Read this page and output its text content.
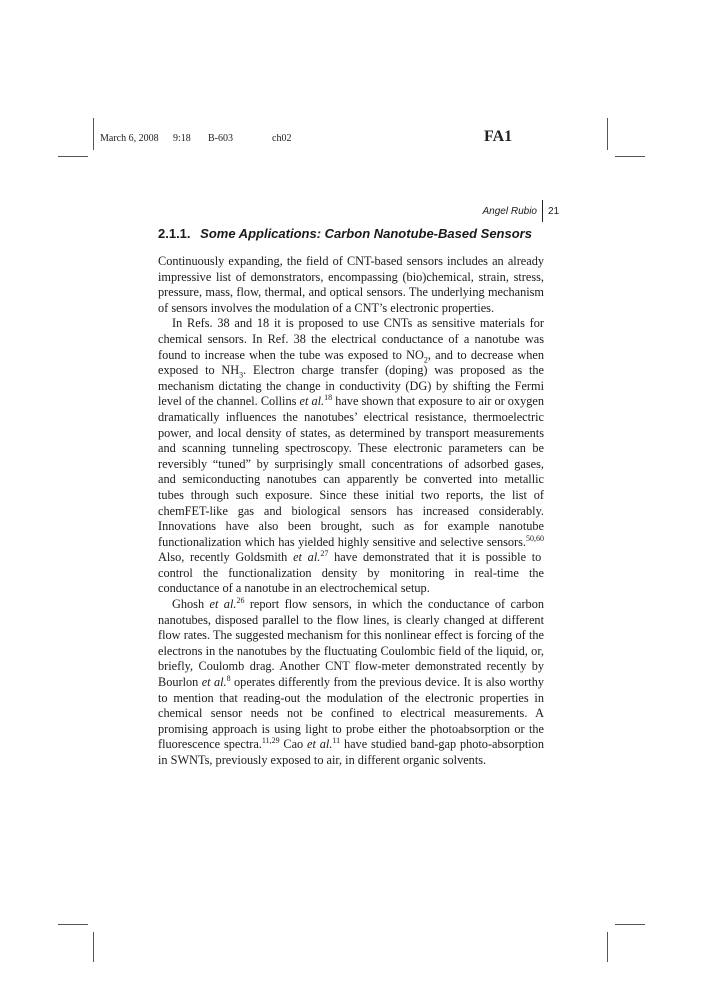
March 6, 2008 9:18 B-603	ch02	FA1
Angel Rubio 21
2.1.1. Some Applications: Carbon Nanotube-Based Sensors

Continuously expanding, the field of CNT-based sensors includes an already impressive list of demonstrators, encompassing (bio)chemical, strain, stress, pressure, mass, flow, thermal, and optical sensors. The underlying mechanism of sensors involves the modulation of a CNT’s electronic properties.

In Refs. 38 and 18 it is proposed to use CNTs as sensitive materials for chemical sensors. In Ref. 38 the electrical conductance of a nanotube was found to increase when the tube was exposed to $NO_2$, and to decrease when exposed to $NH_3$. Electron charge transfer (doping) was proposed as the mechanism dictating the change in conductivity (DG) by shifting the Fermi level of the channel. Collins et al.$^{18}$ have shown that exposure to air or oxygen dramatically influences the nanotubes’ electrical resistance, thermoelectric power, and local density of states, as determined by transport measurements and scanning tunneling spectroscopy. These electronic parameters can be reversibly “tuned” by surprisingly small concentrations of adsorbed gases, and semiconducting nanotubes can apparently be converted into metallic tubes through such exposure. Since these initial two reports, the list of chemFET-like gas and biological sensors has increased considerably. Innovations have also been brought, such as for example nanotube functionalization which has yielded highly sensitive and selective sensors.$^{50,60}$ Also, recently Goldsmith et al.$^{27}$ have demonstrated that it is possible to control the functionalization density by monitoring in real-time the conductance of a nanotube in an electrochemical setup.

Ghosh et al.$^{26}$ report flow sensors, in which the conductance of carbon nanotubes, disposed parallel to the flow lines, is clearly changed at different flow rates. The suggested mechanism for this nonlinear effect is forcing of the electrons in the nanotubes by the fluctuating Coulombic field of the liquid, or, briefly, Coulomb drag. Another CNT flow-meter demonstrated recently by Bourlon et al.$^8$ operates differently from the previous device. It is also worthy to mention that reading-out the modulation of the electronic properties in chemical sensor needs not be confined to electrical measurements. A promising approach is using light to probe either the photoabsorption or the fluorescence spectra.$^{11,29}$ Cao et al.$^{11}$ have studied band-gap photo-absorption in SWNTs, previously exposed to air, in different organic solvents.
